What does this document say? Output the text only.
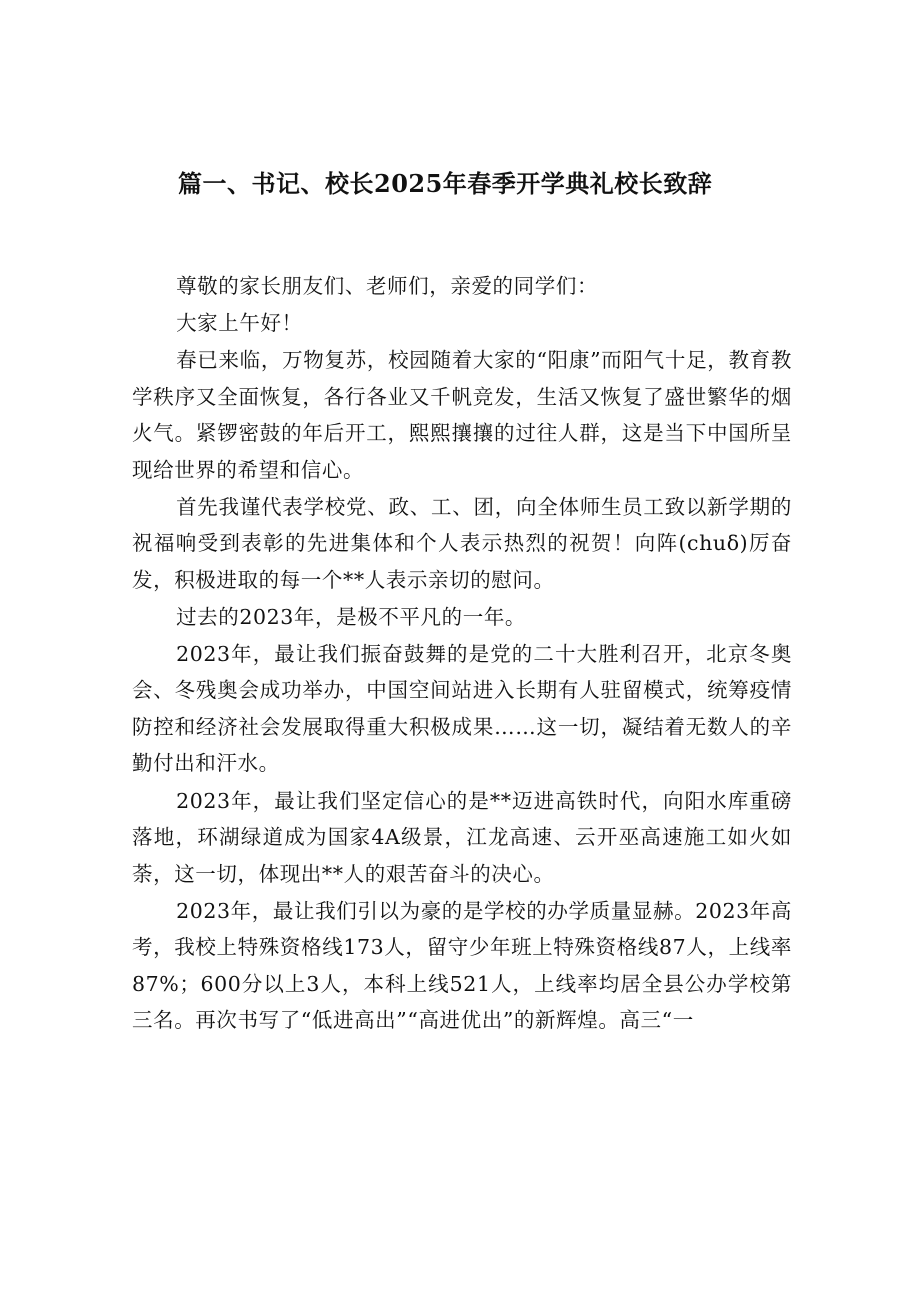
篇一、书记、校长2025年春季开学典礼校长致辞

尊敬的家长朋友们、老师们，亲爱的同学们：

大家上午好！

春已来临，万物复苏，校园随着大家的“阳康”而阳气十足，教育教学秩序又全面恢复，各行各业又千帆竞发，生活又恢复了盛世繁华的烟火气。紧锣密鼓的年后开工，熙熙攘攘的过往人群，这是当下中国所呈现给世界的希望和信心。

首先我谨代表学校党、政、工、团，向全体师生员工致以新学期的祝福响受到表彰的先进集体和个人表示热烈的祝贺！向阵(chuδ)厉奋发，积极进取的每一个**人表示亲切的慰问。

过去的2023年，是极不平凡的一年。

2023年，最让我们振奋鼓舞的是党的二十大胜利召开，北京冬奥会、冬残奥会成功举办，中国空间站进入长期有人驻留模式，统筹疫情防控和经济社会发展取得重大积极成果……这一切，凝结着无数人的辛勤付出和汗水。

2023年，最让我们坚定信心的是**迈进高铁时代，向阳水库重磅落地，环湖绿道成为国家4A级景，江龙高速、云开巫高速施工如火如荼，这一切，体现出**人的艰苦奋斗的决心。

2023年，最让我们引以为豪的是学校的办学质量显赫。2023年高考，我校上特殊资格线173人，留守少年班上特殊资格线87人，上线率87%；600分以上3人，本科上线521人，上线率均居全县公办学校第三名。再次书写了“低进高出”“高进优出”的新辉煌。高三“一
